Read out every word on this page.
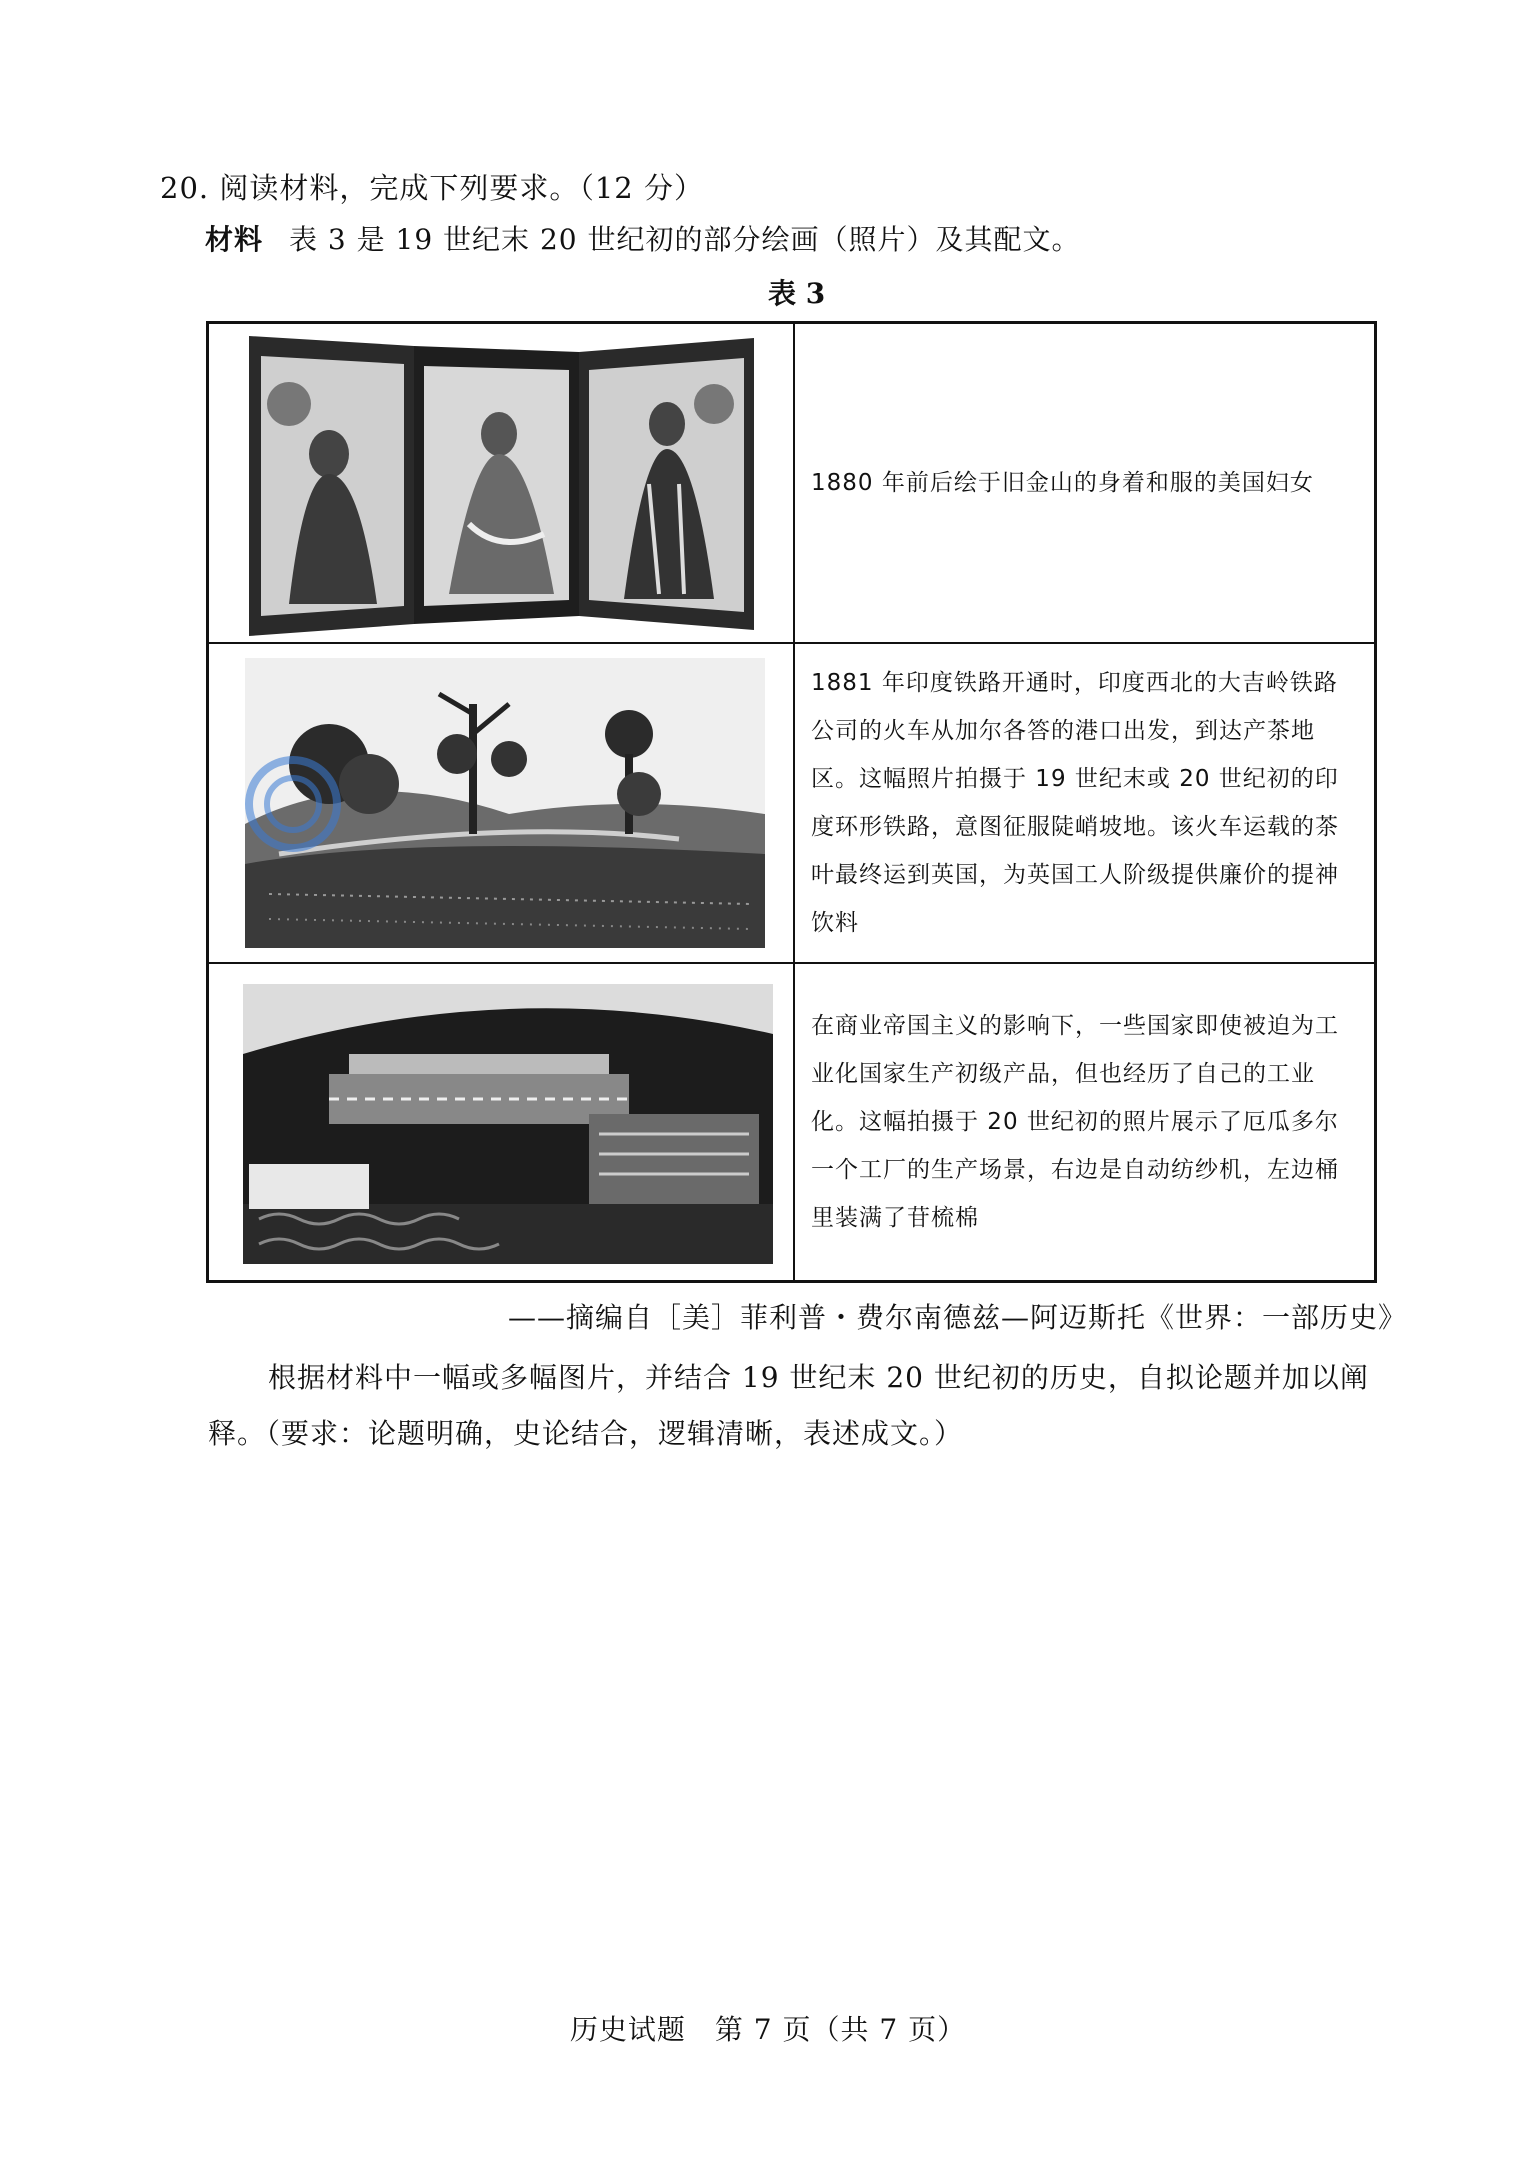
20. 阅读材料，完成下列要求。（12 分）
材料 表 3 是 19 世纪末 20 世纪初的部分绘画（照片）及其配文。
表 3
1880 年前后绘于旧金山的身着和服的美国妇女
1881 年印度铁路开通时，印度西北的大吉岭铁路公司的火车从加尔各答的港口出发，到达产茶地区。这幅照片拍摄于 19 世纪末或 20 世纪初的印度环形铁路，意图征服陡峭坡地。该火车运载的茶叶最终运到英国，为英国工人阶级提供廉价的提神饮料
在商业帝国主义的影响下，一些国家即使被迫为工业化国家生产初级产品，但也经历了自己的工业化。这幅拍摄于 20 世纪初的照片展示了厄瓜多尔一个工厂的生产场景，右边是自动纺纱机，左边桶里装满了苷梳棉
——摘编自［美］菲利普・费尔南德兹—阿迈斯托《世界：一部历史》
根据材料中一幅或多幅图片，并结合 19 世纪末 20 世纪初的历史，自拟论题并加以阐释。（要求：论题明确，史论结合，逻辑清晰，表述成文。）
历史试题　第 7 页（共 7 页）
